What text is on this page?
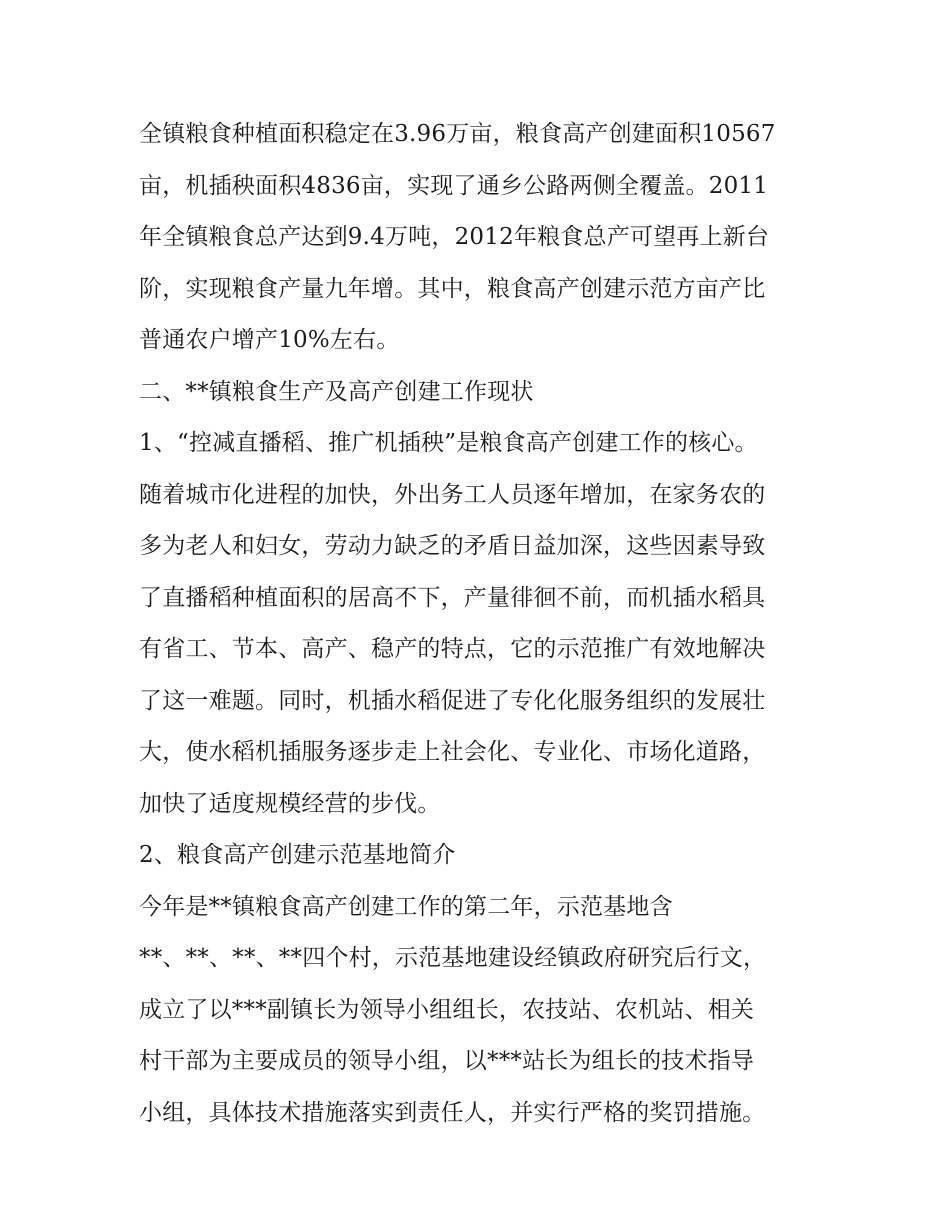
全镇粮食种植面积稳定在3.96万亩，粮食高产创建面积10567
亩，机插秧面积4836亩，实现了通乡公路两侧全覆盖。2011
年全镇粮食总产达到9.4万吨，2012年粮食总产可望再上新台
阶，实现粮食产量九年增。其中，粮食高产创建示范方亩产比
普通农户增产10%左右。
二、**镇粮食生产及高产创建工作现状
1、“控减直播稻、推广机插秧”是粮食高产创建工作的核心。
随着城市化进程的加快，外出务工人员逐年增加，在家务农的
多为老人和妇女，劳动力缺乏的矛盾日益加深，这些因素导致
了直播稻种植面积的居高不下，产量徘徊不前，而机插水稻具
有省工、节本、高产、稳产的特点，它的示范推广有效地解决
了这一难题。同时，机插水稻促进了专化化服务组织的发展壮
大，使水稻机插服务逐步走上社会化、专业化、市场化道路，
加快了适度规模经营的步伐。
2、粮食高产创建示范基地简介
今年是**镇粮食高产创建工作的第二年，示范基地含
**、**、**、**四个村，示范基地建设经镇政府研究后行文，
成立了以***副镇长为领导小组组长，农技站、农机站、相关
村干部为主要成员的领导小组，以***站长为组长的技术指导
小组，具体技术措施落实到责任人，并实行严格的奖罚措施。
